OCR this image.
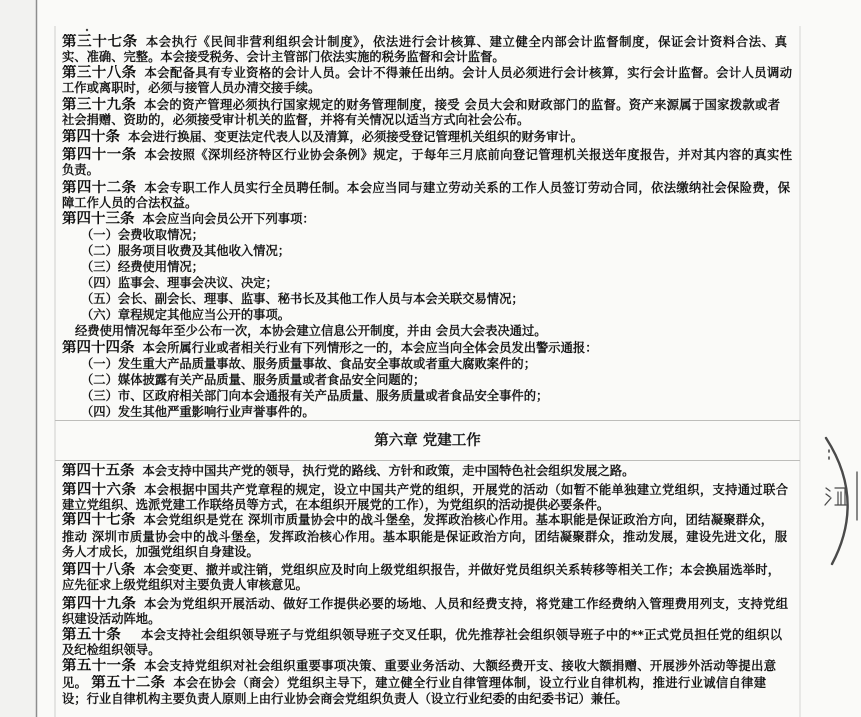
第三十七条 本会执行《民间非营利组织会计制度》，依法进行会计核算、建立健全内部会计监督制度，保证会计资料合法、真
实、准确、完整。本会接受税务、会计主管部门依法实施的税务监督和会计监督。
第三十八条 本会配备具有专业资格的会计人员。会计不得兼任出纳。会计人员必须进行会计核算，实行会计监督。会计人员调动
工作或离职时，必须与接管人员办清交接手续。
第三十九条 本会的资产管理必须执行国家规定的财务管理制度，接受 会员大会和财政部门的监督。资产来源属于国家拨款或者
社会捐赠、资助的，必须接受审计机关的监督，并将有关情况以适当方式向社会公布。
第四十条 本会进行换届、变更法定代表人以及清算，必须接受登记管理机关组织的财务审计。
第四十一条 本会按照《深圳经济特区行业协会条例》规定，于每年三月底前向登记管理机关报送年度报告，并对其内容的真实性
负责。
第四十二条 本会专职工作人员实行全员聘任制。本会应当同与建立劳动关系的工作人员签订劳动合同，依法缴纳社会保险费，保
障工作人员的合法权益。
第四十三条 本会应当向会员公开下列事项：
（一）会费收取情况；
（二）服务项目收费及其他收入情况；
（三）经费使用情况；
（四）监事会、理事会决议、决定；
（五）会长、副会长、理事、监事、秘书长及其他工作人员与本会关联交易情况；
（六）章程规定其他应当公开的事项。
经费使用情况每年至少公布一次，本协会建立信息公开制度，并由 会员大会表决通过。
第四十四条 本会所属行业或者相关行业有下列情形之一的，本会应当向全体会员发出警示通报：
（一）发生重大产品质量事故、服务质量事故、食品安全事故或者重大腐败案件的；
（二）媒体披露有关产品质量、服务质量或者食品安全问题的；
（三）市、区政府相关部门向本会通报有关产品质量、服务质量或者食品安全事件的；
（四）发生其他严重影响行业声誉事件的。
第六章 党建工作
第四十五条 本会支持中国共产党的领导，执行党的路线、方针和政策，走中国特色社会组织发展之路。
第四十六条 本会根据中国共产党章程的规定，设立中国共产党的组织，开展党的活动（如暂不能单独建立党组织，支持通过联合
建立党组织、选派党建工作联络员等方式，在本组织开展党的工作），为党组织的活动提供必要条件。
第四十七条 本会党组织是党在 深圳市质量协会中的战斗堡垒，发挥政治核心作用。基本职能是保证政治方向，团结凝聚群众，
推动 深圳市质量协会中的战斗堡垒，发挥政治核心作用。基本职能是保证政治方向，团结凝聚群众，推动发展，建设先进文化，服
务人才成长，加强党组织自身建设。
第四十八条 本会变更、撤并或注销，党组织应及时向上级党组织报告，并做好党员组织关系转移等相关工作；本会换届选举时，
应先征求上级党组织对主要负责人审核意见。
第四十九条 本会为党组织开展活动、做好工作提供必要的场地、人员和经费支持，将党建工作经费纳入管理费用列支，支持党组
织建设活动阵地。
第五十条 本会支持社会组织领导班子与党组织领导班子交叉任职，优先推荐社会组织领导班子中的**正式党员担任党的组织以
及纪检组织领导。
第五十一条 本会支持党组织对社会组织重要事项决策、重要业务活动、大额经费开支、接收大额捐赠、开展涉外活动等提出意
见。 第五十二条 本会在协会（商会）党组织主导下，建立健全行业自律管理体制，设立行业自律机构，推进行业诚信自律建
设；行业自律机构主要负责人原则上由行业协会商会党组织负责人（设立行业纪委的由纪委书记）兼任。
